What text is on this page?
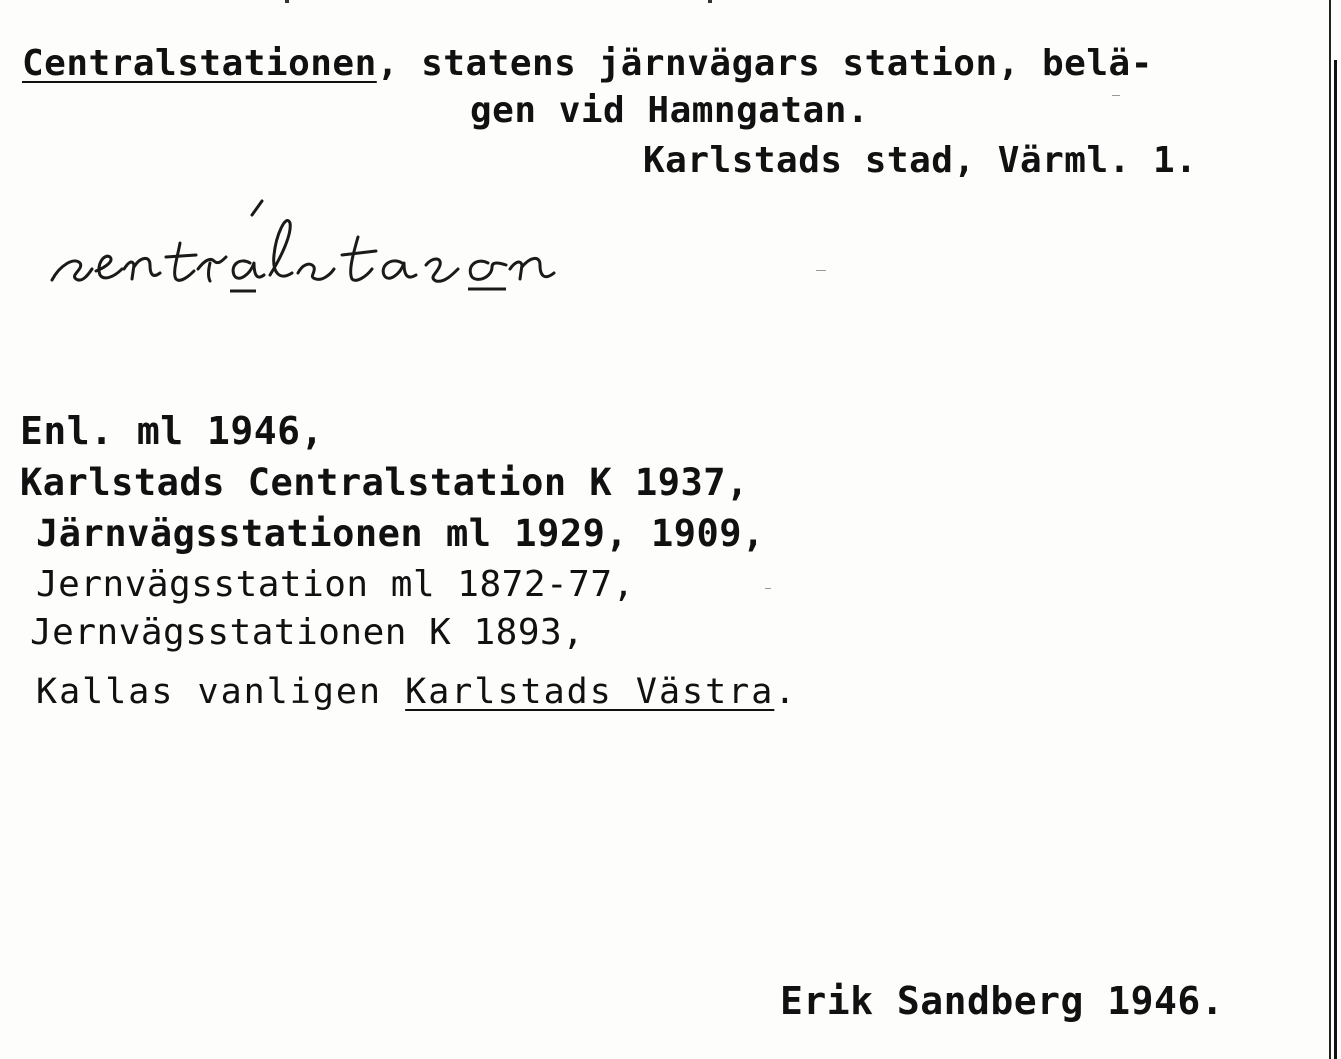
Centralstationen, statens järnvägars station, belä-
gen vid Hamngatan.
Karlstads stad, Värml. 1.
Enl. ml 1946,
Karlstads Centralstation K 1937,
Järnvägsstationen ml 1929, 1909,
Jernvägsstation ml 1872-77,
Jernvägsstationen K 1893,
Kallas vanligen Karlstads Västra.
Erik Sandberg 1946.
